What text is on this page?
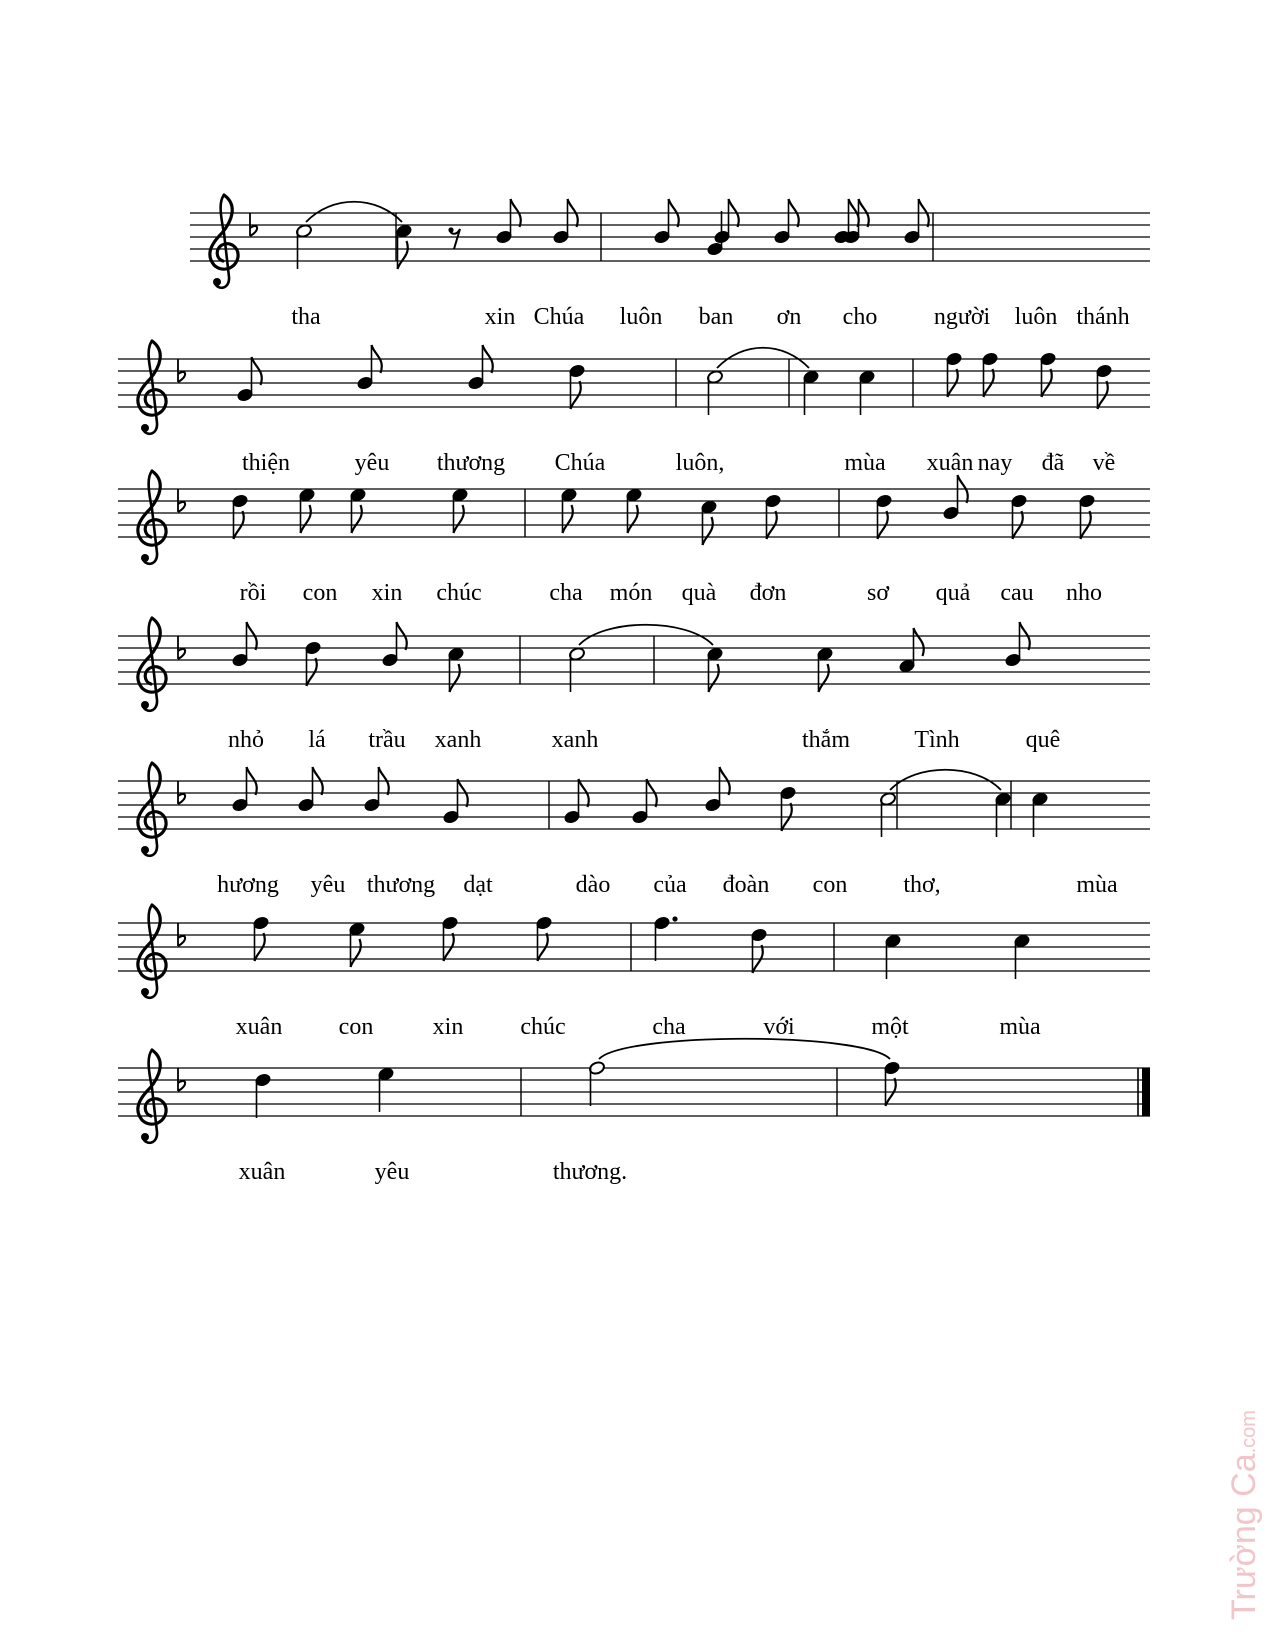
tha	xin Chúa luôn ban ơn cho người luôn thánh
thiện	yêu thương Chúa	luôn,	mùa xuân nay đã về
rồi con xin chúc	cha món quà đơn	sơ quả cau nho
nhỏ lá trầu xanh	xanh	thắm	Tình	quê
hương yêu thương dạt	dào của đoàn con thơ,	mùa
xuân con xin chúc	cha	với	một	mùa
xuân	yêu	thương.
Trường Ca.com
